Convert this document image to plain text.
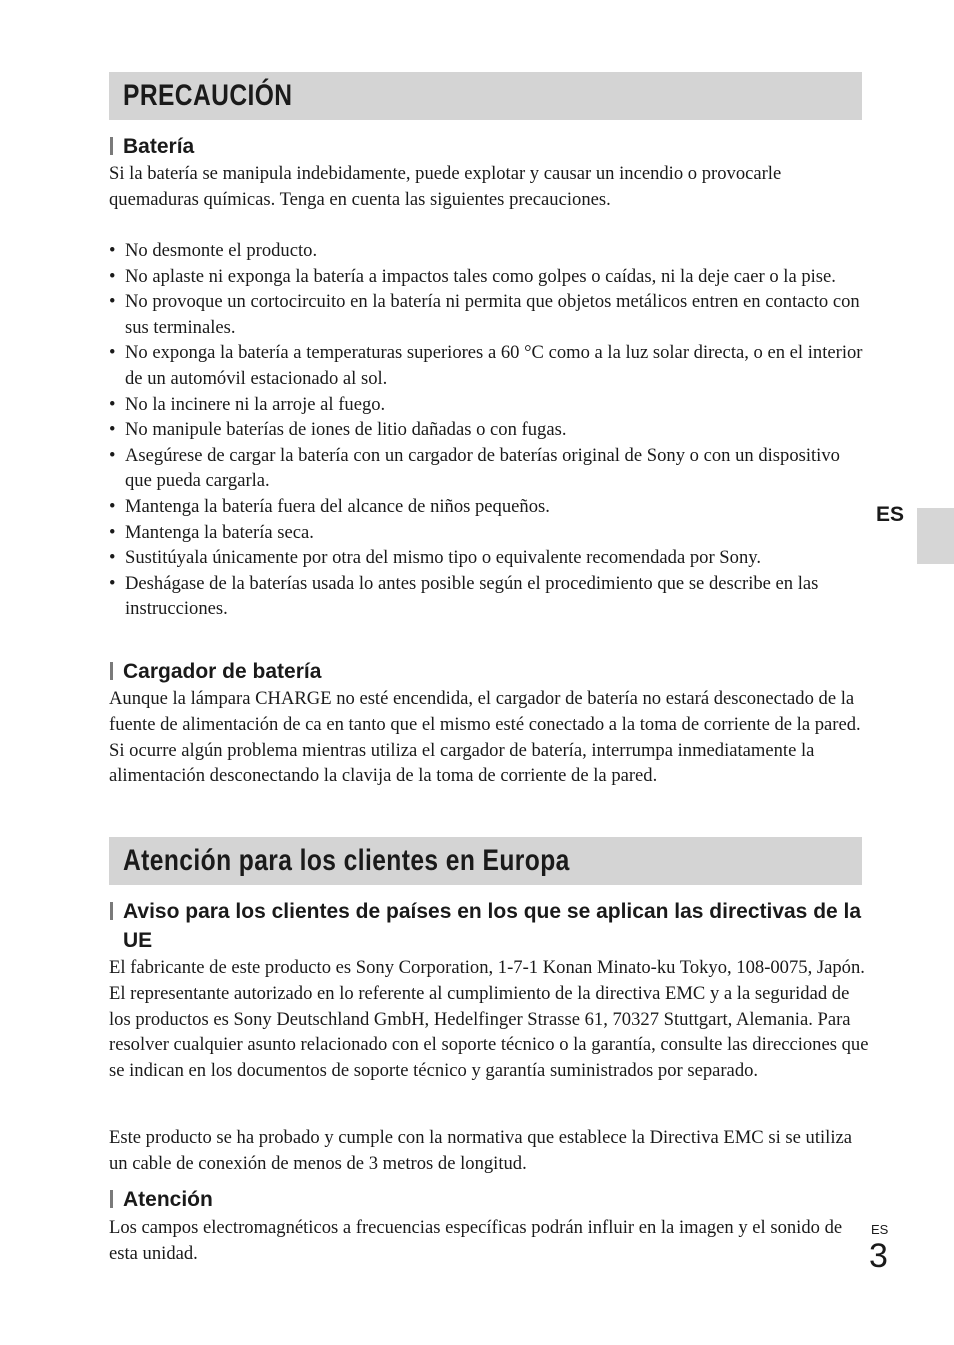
PRECAUCIÓN
Batería

Si la batería se manipula indebidamente, puede explotar y causar un incendio o provocarle quemaduras químicas. Tenga en cuenta las siguientes precauciones.

• No desmonte el producto.
• No aplaste ni exponga la batería a impactos tales como golpes o caídas, ni la deje caer o la pise.
• No provoque un cortocircuito en la batería ni permita que objetos metálicos entren en contacto con sus terminales.
• No exponga la batería a temperaturas superiores a 60 °C como a la luz solar directa, o en el interior de un automóvil estacionado al sol.
• No la incinere ni la arroje al fuego.
• No manipule baterías de iones de litio dañadas o con fugas.
• Asegúrese de cargar la batería con un cargador de baterías original de Sony o con un dispositivo que pueda cargarla.
• Mantenga la batería fuera del alcance de niños pequeños.
• Mantenga la batería seca.
• Sustitúyala únicamente por otra del mismo tipo o equivalente recomendada por Sony.
• Deshágase de la baterías usada lo antes posible según el procedimiento que se describe en las instrucciones.
Cargador de batería

Aunque la lámpara CHARGE no esté encendida, el cargador de batería no estará desconectado de la fuente de alimentación de ca en tanto que el mismo esté conectado a la toma de corriente de la pared. Si ocurre algún problema mientras utiliza el cargador de batería, interrumpa inmediatamente la alimentación desconectando la clavija de la toma de corriente de la pared.

Atención para los clientes en Europa
Aviso para los clientes de países en los que se aplican las directivas de la UE

El fabricante de este producto es Sony Corporation, 1-7-1 Konan Minato-ku Tokyo, 108-0075, Japón. El representante autorizado en lo referente al cumplimiento de la directiva EMC y a la seguridad de los productos es Sony Deutschland GmbH, Hedelfinger Strasse 61, 70327 Stuttgart, Alemania. Para resolver cualquier asunto relacionado con el soporte técnico o la garantía, consulte las direcciones que se indican en los documentos de soporte técnico y garantía suministrados por separado.

Este producto se ha probado y cumple con la normativa que establece la Directiva EMC si se utiliza un cable de conexión de menos de 3 metros de longitud.

Atención

Los campos electromagnéticos a frecuencias específicas podrán influir en la imagen y el sonido de esta unidad.

ES
ES
3
